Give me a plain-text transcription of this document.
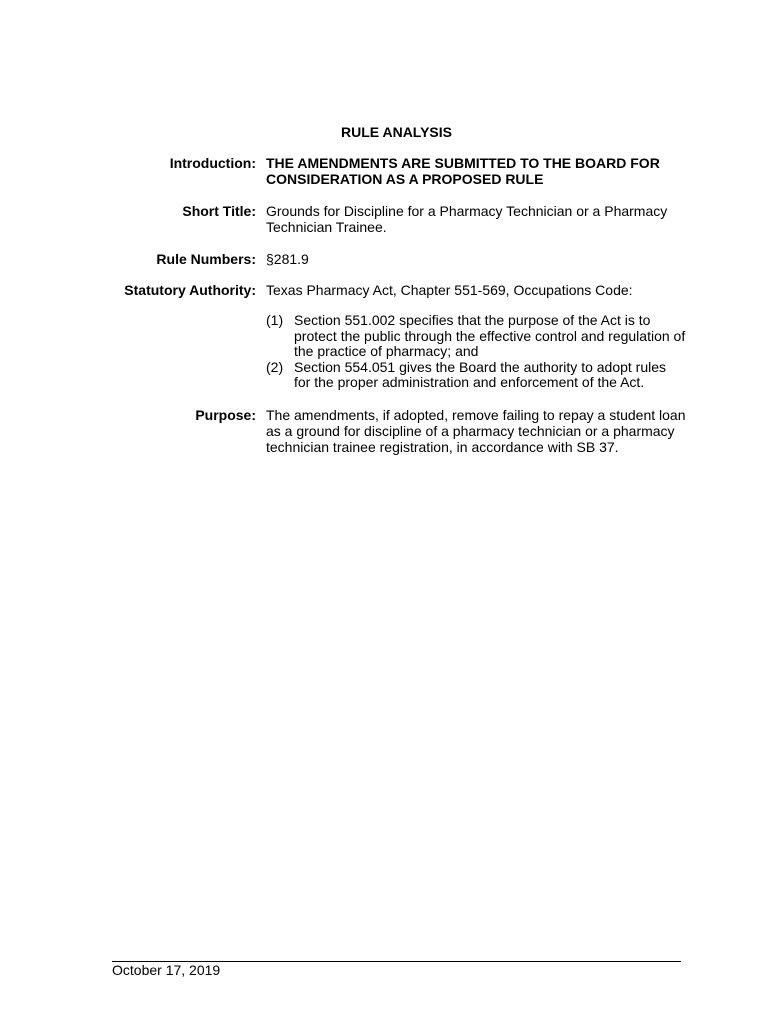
RULE ANALYSIS
Introduction: THE AMENDMENTS ARE SUBMITTED TO THE BOARD FOR CONSIDERATION AS A PROPOSED RULE
Short Title: Grounds for Discipline for a Pharmacy Technician or a Pharmacy Technician Trainee.
Rule Numbers: §281.9
Statutory Authority: Texas Pharmacy Act, Chapter 551-569, Occupations Code:
(1) Section 551.002 specifies that the purpose of the Act is to protect the public through the effective control and regulation of the practice of pharmacy; and
(2) Section 554.051 gives the Board the authority to adopt rules for the proper administration and enforcement of the Act.
Purpose: The amendments, if adopted, remove failing to repay a student loan as a ground for discipline of a pharmacy technician or a pharmacy technician trainee registration, in accordance with SB 37.
October 17, 2019
